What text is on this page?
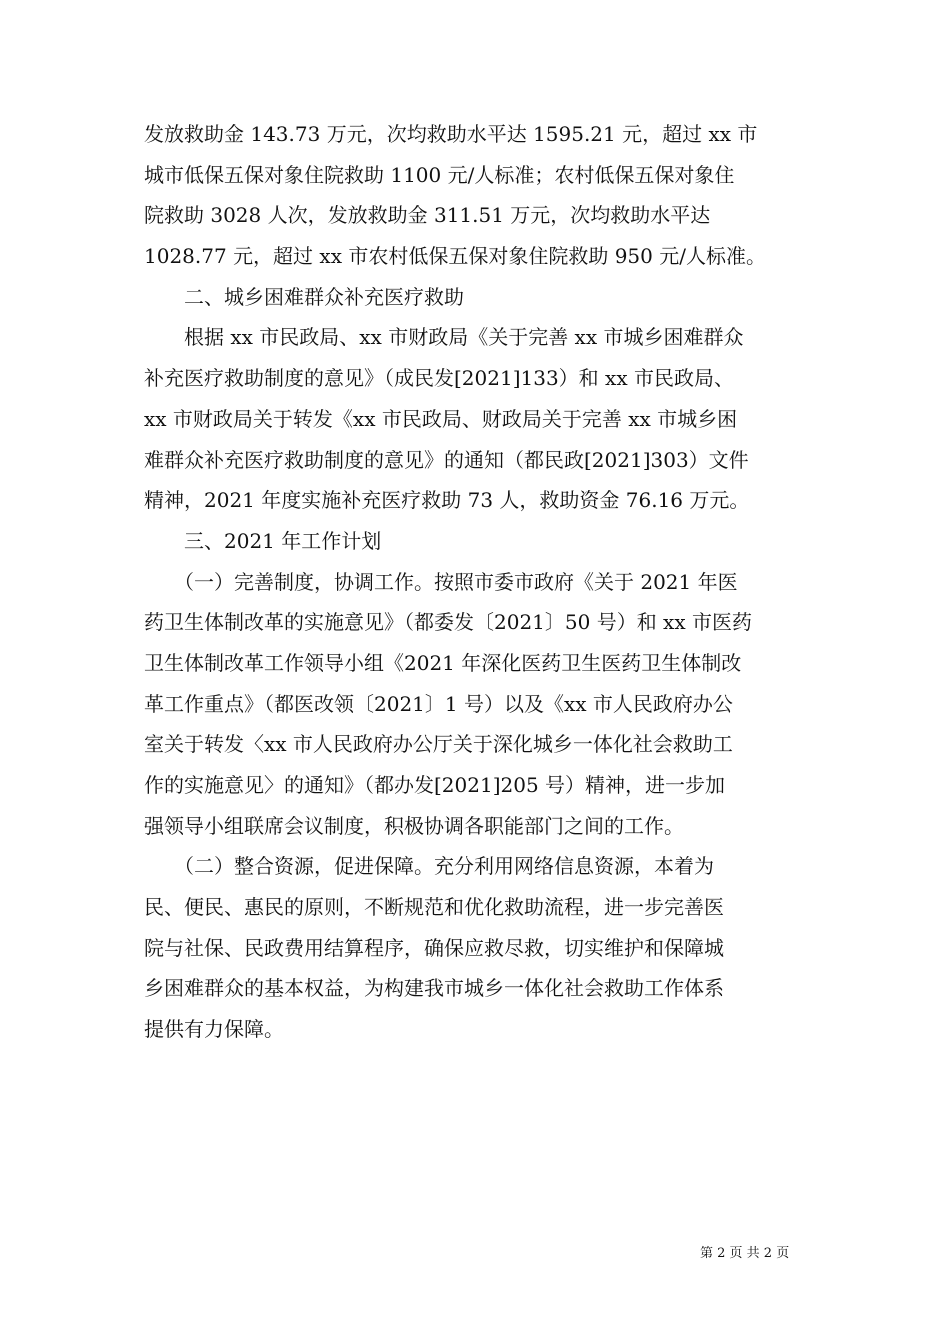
发放救助金 143.73 万元，次均救助水平达 1595.21 元，超过 xx 市
城市低保五保对象住院救助 1100 元/人标准；农村低保五保对象住
院救助 3028 人次，发放救助金 311.51 万元，次均救助水平达
1028.77 元，超过 xx 市农村低保五保对象住院救助 950 元/人标准。
　　二、城乡困难群众补充医疗救助
　　根据 xx 市民政局、xx 市财政局《关于完善 xx 市城乡困难群众
补充医疗救助制度的意见》（成民发[2021]133）和 xx 市民政局、
xx 市财政局关于转发《xx 市民政局、财政局关于完善 xx 市城乡困
难群众补充医疗救助制度的意见》的通知（都民政[2021]303）文件
精神，2021 年度实施补充医疗救助 73 人，救助资金 76.16 万元。
　　三、2021 年工作计划
　　（一）完善制度，协调工作。按照市委市政府《关于 2021 年医
药卫生体制改革的实施意见》（都委发〔2021〕50 号）和 xx 市医药
卫生体制改革工作领导小组《2021 年深化医药卫生医药卫生体制改
革工作重点》（都医改领〔2021〕1 号）以及《xx 市人民政府办公
室关于转发〈xx 市人民政府办公厅关于深化城乡一体化社会救助工
作的实施意见〉的通知》（都办发[2021]205 号）精神，进一步加
强领导小组联席会议制度，积极协调各职能部门之间的工作。
　　（二）整合资源，促进保障。充分利用网络信息资源，本着为
民、便民、惠民的原则，不断规范和优化救助流程，进一步完善医
院与社保、民政费用结算程序，确保应救尽救，切实维护和保障城
乡困难群众的基本权益，为构建我市城乡一体化社会救助工作体系
提供有力保障。
第 2 页 共 2 页
